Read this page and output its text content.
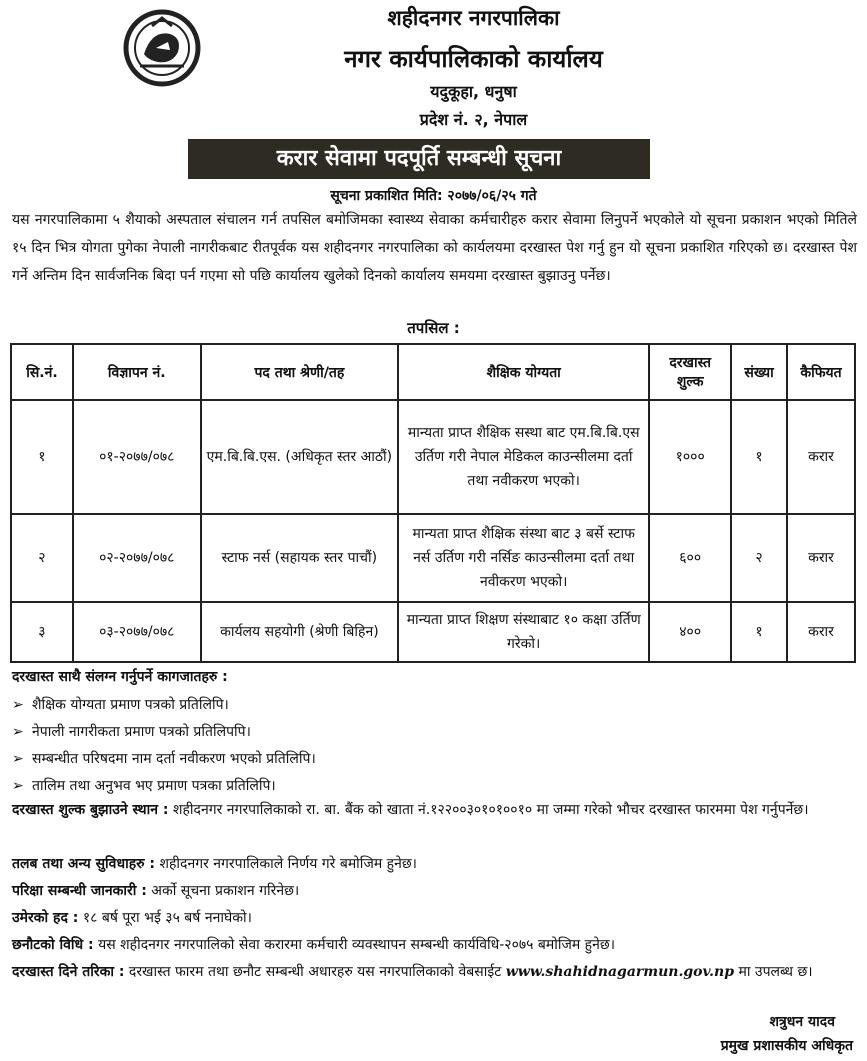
शहीदनगर नगरपालिका
नगर कार्यपालिकाको कार्यालय
यदुकूहा, धनुषा
प्रदेश नं. २, नेपाल
करार सेवामा पदपूर्ति सम्बन्धी सूचना
सूचना प्रकाशित मिति: २०७७/०६/२५ गते
यस नगरपालिकामा ५ शैयाको अस्पताल संचालन गर्न तपसिल बमोजिमका स्वास्थ्य सेवाका कर्मचारीहरु करार सेवामा लिनुपर्ने भएकोले यो सूचना प्रकाशन भएको मितिले १५ दिन भित्र योगता पुगेका नेपाली नागरीकबाट रीतपूर्वक यस शहीदनगर नगरपालिका को कार्यलयमा दरखास्त पेश गर्नु हुन यो सूचना प्रकाशित गरिएको छ। दरखास्त पेश गर्ने अन्तिम दिन सार्वजनिक बिदा पर्न गएमा सो पछि कार्यालय खुलेको दिनको कार्यालय समयमा दरखास्त बुझाउनु पर्नेछ।
तपसिल :
सि.नं.	विज्ञापन नं.	पद तथा श्रेणी/तह	शैक्षिक योग्यता	दरखास्त शुल्क	संख्या	कैफियत
१	०१-२०७७/०७८	एम.बि.बि.एस. (अधिकृत स्तर आठौं)	मान्यता प्राप्त शैक्षिक सस्था बाट एम.बि.बि.एस उर्तिण गरी नेपाल मेडिकल काउन्सीलमा दर्ता तथा नवीकरण भएको।	१०००	१	करार
२	०२-२०७७/०७८	स्टाफ नर्स (सहायक स्तर पाचौं)	मान्यता प्राप्त शैक्षिक संस्था बाट ३ बर्से स्टाफ नर्स उर्तिण गरी नर्सिङ काउन्सीलमा दर्ता तथा नवीकरण भएको।	६००	२	करार
३	०३-२०७७/०७८	कार्यलय सहयोगी (श्रेणी बिहिन)	मान्यता प्राप्त शिक्षण संस्थाबाट १० कक्षा उर्तिण गरेको।	४००	१	करार
दरखास्त साथै संलग्न गर्नुपर्ने कागजातहरु :
➢ शैक्षिक योग्यता प्रमाण पत्रको प्रतिलिपि।
➢ नेपाली नागरीकता प्रमाण पत्रको प्रतिलिपपि।
➢ सम्बन्धीत परिषदमा नाम दर्ता नवीकरण भएको प्रतिलिपि।
➢ तालिम तथा अनुभव भए प्रमाण पत्रका प्रतिलिपि।
दरखास्त शुल्क बुझाउने स्थान : शहीदनगर नगरपालिकाको रा. बा. बैंक को खाता नं.१२२००३०१०१००१० मा जम्मा गरेको भौचर दरखास्त फारममा पेश गर्नुपर्नेछ।
तलब तथा अन्य सुविधाहरु : शहीदनगर नगरपालिकाले निर्णय गरे बमोजिम हुनेछ।
परिक्षा सम्बन्धी जानकारी : अर्को सूचना प्रकाशन गरिनेछ।
उमेरको हद : १८ बर्ष पूरा भई ३५ बर्ष ननाघेको।
छनौटको विधि : यस शहीदनगर नगरपालिको सेवा करारमा कर्मचारी व्यवस्थापन सम्बन्धी कार्यविधि-२०७५ बमोजिम हुनेछ।
दरखास्त दिने तरिका : दरखास्त फारम तथा छनौट सम्बन्धी अधारहरु यस नगरपालिकाको वेबसाईट www.shahidnagarmun.gov.np मा उपलब्ध छ।
शत्रुधन यादव
प्रमुख प्रशासकीय अधिकृत
